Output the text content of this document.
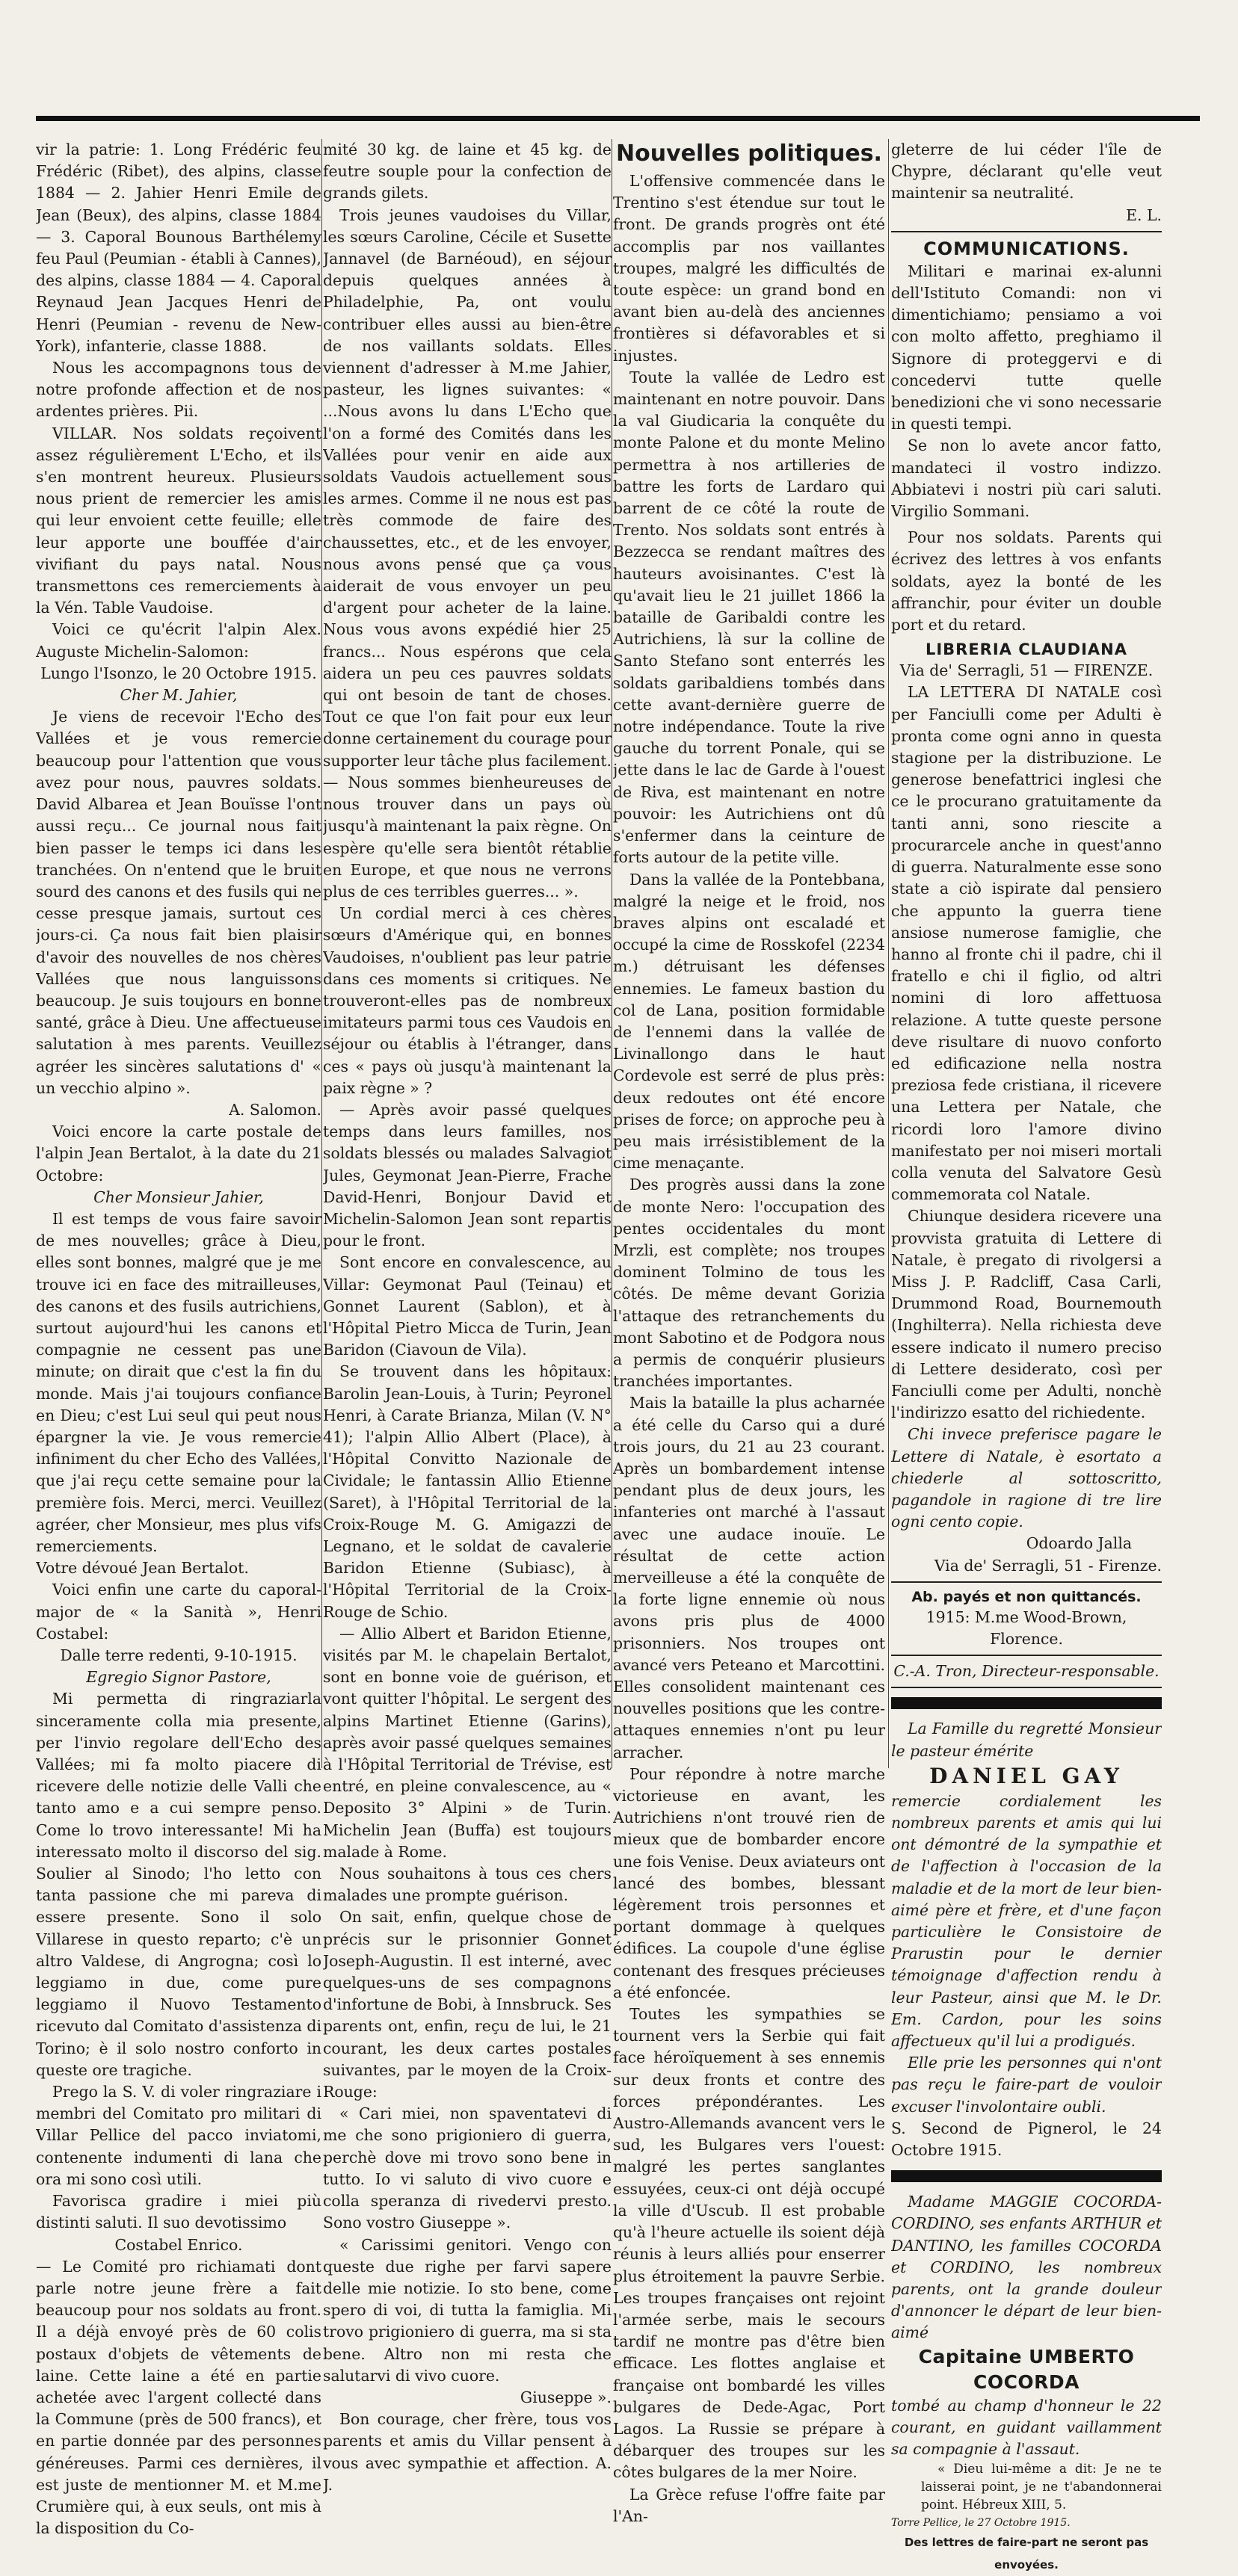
vir la patrie: 1. Long Frédéric feu Frédéric (Ribet), des alpins, classe 1884 — 2. Jahier Henri Emile de Jean (Beux), des alpins, classe 1884 — 3. Caporal Bounous Barthélemy feu Paul (Peumian - établi à Cannes), des alpins, classe 1884 — 4. Caporal Reynaud Jean Jacques Henri de Henri (Peumian - revenu de New-York), infanterie, classe 1888.

Nous les accompagnons tous de notre profonde affection et de nos ardentes prières. Pii.

VILLAR. Nos soldats reçoivent assez régulièrement L'Echo, et ils s'en montrent heureux. Plusieurs nous prient de remercier les amis qui leur envoient cette feuille; elle leur apporte une bouffée d'air vivifiant du pays natal. Nous transmettons ces remerciements à la Vén. Table Vaudoise.

Voici ce qu'écrit l'alpin Alex. Auguste Michelin-Salomon:

Lungo l'Isonzo, le 20 Octobre 1915.

Cher M. Jahier,

Je viens de recevoir l'Echo des Vallées et je vous remercie beaucoup pour l'attention que vous avez pour nous, pauvres soldats. David Albarea et Jean Bouïsse l'ont aussi reçu... Ce journal nous fait bien passer le temps ici dans les tranchées. On n'entend que le bruit sourd des canons et des fusils qui ne cesse presque jamais, surtout ces jours-ci. Ça nous fait bien plaisir d'avoir des nouvelles de nos chères Vallées que nous languissons beaucoup. Je suis toujours en bonne santé, grâce à Dieu. Une affectueuse salutation à mes parents. Veuillez agréer les sincères salutations d' « un vecchio alpino ».

A. Salomon.

Voici encore la carte postale de l'alpin Jean Bertalot, à la date du 21 Octobre:

Cher Monsieur Jahier,

Il est temps de vous faire savoir de mes nouvelles; grâce à Dieu, elles sont bonnes, malgré que je me trouve ici en face des mitrailleuses, des canons et des fusils autrichiens, surtout aujourd'hui les canons et compagnie ne cessent pas une minute; on dirait que c'est la fin du monde. Mais j'ai toujours confiance en Dieu; c'est Lui seul qui peut nous épargner la vie. Je vous remercie infiniment du cher Echo des Vallées, que j'ai reçu cette semaine pour la première fois. Merci, merci. Veuillez agréer, cher Monsieur, mes plus vifs remerciements.

Votre dévoué Jean Bertalot.

Voici enfin une carte du caporal-major de « la Sanità », Henri Costabel:

Dalle terre redenti, 9-10-1915.

Egregio Signor Pastore,

Mi permetta di ringraziarla sinceramente colla mia presente, per l'invio regolare dell'Echo des Vallées; mi fa molto piacere di ricevere delle notizie delle Valli che tanto amo e a cui sempre penso. Come lo trovo interessante! Mi ha interessato molto il discorso del sig. Soulier al Sinodo; l'ho letto con tanta passione che mi pareva di essere presente. Sono il solo Villarese in questo reparto; c'è un altro Valdese, di Angrogna; così lo leggiamo in due, come pure leggiamo il Nuovo Testamento ricevuto dal Comitato d'assistenza di Torino; è il solo nostro conforto in queste ore tragiche.

Prego la S. V. di voler ringraziare i membri del Comitato pro militari di Villar Pellice del pacco inviatomi, contenente indumenti di lana che ora mi sono così utili.

Favorisca gradire i miei più distinti saluti. Il suo devotissimo

Costabel Enrico.

— Le Comité pro richiamati dont parle notre jeune frère a fait beaucoup pour nos soldats au front. Il a déjà envoyé près de 60 colis postaux d'objets de vêtements de laine. Cette laine a été en partie achetée avec l'argent collecté dans la Commune (près de 500 francs), et en partie donnée par des personnes généreuses. Parmi ces dernières, il est juste de mentionner M. et M.me Crumière qui, à eux seuls, ont mis à la disposition du Co-

mité 30 kg. de laine et 45 kg. de feutre souple pour la confection de grands gilets.

Trois jeunes vaudoises du Villar, les sœurs Caroline, Cécile et Susette Jannavel (de Barnéoud), en séjour depuis quelques années à Philadelphie, Pa, ont voulu contribuer elles aussi au bien-être de nos vaillants soldats. Elles viennent d'adresser à M.me Jahier, pasteur, les lignes suivantes: « ...Nous avons lu dans L'Echo que l'on a formé des Comités dans les Vallées pour venir en aide aux soldats Vaudois actuellement sous les armes. Comme il ne nous est pas très commode de faire des chaussettes, etc., et de les envoyer, nous avons pensé que ça vous aiderait de vous envoyer un peu d'argent pour acheter de la laine. Nous vous avons expédié hier 25 francs... Nous espérons que cela aidera un peu ces pauvres soldats qui ont besoin de tant de choses. Tout ce que l'on fait pour eux leur donne certainement du courage pour supporter leur tâche plus facilement. — Nous sommes bienheureuses de nous trouver dans un pays où jusqu'à maintenant la paix règne. On espère qu'elle sera bientôt rétablie en Europe, et que nous ne verrons plus de ces terribles guerres... ».

Un cordial merci à ces chères sœurs d'Amérique qui, en bonnes Vaudoises, n'oublient pas leur patrie dans ces moments si critiques. Ne trouveront-elles pas de nombreux imitateurs parmi tous ces Vaudois en séjour ou établis à l'étranger, dans ces « pays où jusqu'à maintenant la paix règne » ?

— Après avoir passé quelques temps dans leurs familles, nos soldats blessés ou malades Salvagiot Jules, Geymonat Jean-Pierre, Frache David-Henri, Bonjour David et Michelin-Salomon Jean sont repartis pour le front.

Sont encore en convalescence, au Villar: Geymonat Paul (Teinau) et Gonnet Laurent (Sablon), et à l'Hôpital Pietro Micca de Turin, Jean Baridon (Ciavoun de Vila).

Se trouvent dans les hôpitaux: Barolin Jean-Louis, à Turin; Peyronel Henri, à Carate Brianza, Milan (V. N° 41); l'alpin Allio Albert (Place), à l'Hôpital Convitto Nazionale de Cividale; le fantassin Allio Etienne (Saret), à l'Hôpital Territorial de la Croix-Rouge M. G. Amigazzi de Legnano, et le soldat de cavalerie Baridon Etienne (Subiasc), à l'Hôpital Territorial de la Croix-Rouge de Schio.

— Allio Albert et Baridon Etienne, visités par M. le chapelain Bertalot, sont en bonne voie de guérison, et vont quitter l'hôpital. Le sergent des alpins Martinet Etienne (Garins), après avoir passé quelques semaines à l'Hôpital Territorial de Trévise, est entré, en pleine convalescence, au « Deposito 3° Alpini » de Turin. Michelin Jean (Buffa) est toujours malade à Rome.

Nous souhaitons à tous ces chers malades une prompte guérison.

On sait, enfin, quelque chose de précis sur le prisonnier Gonnet Joseph-Augustin. Il est interné, avec quelques-uns de ses compagnons d'infortune de Bobi, à Innsbruck. Ses parents ont, enfin, reçu de lui, le 21 courant, les deux cartes postales suivantes, par le moyen de la Croix-Rouge:

« Cari miei, non spaventatevi di me che sono prigioniero di guerra, perchè dove mi trovo sono bene in tutto. Io vi saluto di vivo cuore e colla speranza di rivedervi presto. Sono vostro Giuseppe ».

« Carissimi genitori. Vengo con queste due righe per farvi sapere delle mie notizie. Io sto bene, come spero di voi, di tutta la famiglia. Mi trovo prigioniero di guerra, ma si sta bene. Altro non mi resta che salutarvi di vivo cuore.

Giuseppe ».

Bon courage, cher frère, tous vos parents et amis du Villar pensent à vous avec sympathie et affection. A. J.

Nouvelles politiques.

L'offensive commencée dans le Trentino s'est étendue sur tout le front. De grands progrès ont été accomplis par nos vaillantes troupes, malgré les difficultés de toute espèce: un grand bond en avant bien au-delà des anciennes frontières si défavorables et si injustes.

Toute la vallée de Ledro est maintenant en notre pouvoir. Dans la val Giudicaria la conquête du monte Palone et du monte Melino permettra à nos artilleries de battre les forts de Lardaro qui barrent de ce côté la route de Trento. Nos soldats sont entrés à Bezzecca se rendant maîtres des hauteurs avoisinantes. C'est là qu'avait lieu le 21 juillet 1866 la bataille de Garibaldi contre les Autrichiens, là sur la colline de Santo Stefano sont enterrés les soldats garibaldiens tombés dans cette avant-dernière guerre de notre indépendance. Toute la rive gauche du torrent Ponale, qui se jette dans le lac de Garde à l'ouest de Riva, est maintenant en notre pouvoir: les Autrichiens ont dû s'enfermer dans la ceinture de forts autour de la petite ville.

Dans la vallée de la Pontebbana, malgré la neige et le froid, nos braves alpins ont escaladé et occupé la cime de Rosskofel (2234 m.) détruisant les défenses ennemies. Le fameux bastion du col de Lana, position formidable de l'ennemi dans la vallée de Livinallongo dans le haut Cordevole est serré de plus près: deux redoutes ont été encore prises de force; on approche peu à peu mais irrésistiblement de la cime menaçante.

Des progrès aussi dans la zone de monte Nero: l'occupation des pentes occidentales du mont Mrzli, est complète; nos troupes dominent Tolmino de tous les côtés. De même devant Gorizia l'attaque des retranchements du mont Sabotino et de Podgora nous a permis de conquérir plusieurs tranchées importantes.

Mais la bataille la plus acharnée a été celle du Carso qui a duré trois jours, du 21 au 23 courant. Après un bombardement intense pendant plus de deux jours, les infanteries ont marché à l'assaut avec une audace inouïe. Le résultat de cette action merveilleuse a été la conquête de la forte ligne ennemie où nous avons pris plus de 4000 prisonniers. Nos troupes ont avancé vers Peteano et Marcottini. Elles consolident maintenant ces nouvelles positions que les contre-attaques ennemies n'ont pu leur arracher.

Pour répondre à notre marche victorieuse en avant, les Autrichiens n'ont trouvé rien de mieux que de bombarder encore une fois Venise. Deux aviateurs ont lancé des bombes, blessant légèrement trois personnes et portant dommage à quelques édifices. La coupole d'une église contenant des fresques précieuses a été enfoncée.

Toutes les sympathies se tournent vers la Serbie qui fait face héroïquement à ses ennemis sur deux fronts et contre des forces prépondérantes. Les Austro-Allemands avancent vers le sud, les Bulgares vers l'ouest: malgré les pertes sanglantes essuyées, ceux-ci ont déjà occupé la ville d'Uscub. Il est probable qu'à l'heure actuelle ils soient déjà réunis à leurs alliés pour enserrer plus étroitement la pauvre Serbie. Les troupes françaises ont rejoint l'armée serbe, mais le secours tardif ne montre pas d'être bien efficace. Les flottes anglaise et française ont bombardé les villes bulgares de Dede-Agac, Port Lagos. La Russie se prépare à débarquer des troupes sur les côtes bulgares de la mer Noire.

La Grèce refuse l'offre faite par l'An-

gleterre de lui céder l'île de Chypre, déclarant qu'elle veut maintenir sa neutralité.

E. L.

COMMUNICATIONS.

Militari e marinai ex-alunni dell'Istituto Comandi: non vi dimentichiamo; pensiamo a voi con molto affetto, preghiamo il Signore di proteggervi e di concedervi tutte quelle benedizioni che vi sono necessarie in questi tempi.

Se non lo avete ancor fatto, mandateci il vostro indizzo. Abbiatevi i nostri più cari saluti. Virgilio Sommani.

Pour nos soldats. Parents qui écrivez des lettres à vos enfants soldats, ayez la bonté de les affranchir, pour éviter un double port et du retard.

LIBRERIA CLAUDIANA

Via de' Serragli, 51 — FIRENZE.

LA LETTERA DI NATALE così per Fanciulli come per Adulti è pronta come ogni anno in questa stagione per la distribuzione. Le generose benefattrici inglesi che ce le procurano gratuitamente da tanti anni, sono riescite a procurarcele anche in quest'anno di guerra. Naturalmente esse sono state a ciò ispirate dal pensiero che appunto la guerra tiene ansiose numerose famiglie, che hanno al fronte chi il padre, chi il fratello e chi il figlio, od altri nomini di loro affettuosa relazione. A tutte queste persone deve risultare di nuovo conforto ed edificazione nella nostra preziosa fede cristiana, il ricevere una Lettera per Natale, che ricordi loro l'amore divino manifestato per noi miseri mortali colla venuta del Salvatore Gesù commemorata col Natale.

Chiunque desidera ricevere una provvista gratuita di Lettere di Natale, è pregato di rivolgersi a Miss J. P. Radcliff, Casa Carli, Drummond Road, Bournemouth (Inghilterra). Nella richiesta deve essere indicato il numero preciso di Lettere desiderato, così per Fanciulli come per Adulti, nonchè l'indirizzo esatto del richiedente.

Chi invece preferisce pagare le Lettere di Natale, è esortato a chiederle al sottoscritto, pagandole in ragione di tre lire ogni cento copie.

Odoardo Jalla

Via de' Serragli, 51 - Firenze.

Ab. payés et non quittancés.

1915: M.me Wood-Brown, Florence.

C.-A. Tron, Directeur-responsable.

La Famille du regretté Monsieur le pasteur émérite

DANIEL GAY

remercie cordialement les nombreux parents et amis qui lui ont démontré de la sympathie et de l'affection à l'occasion de la maladie et de la mort de leur bien-aimé père et frère, et d'une façon particulière le Consistoire de Prarustin pour le dernier témoignage d'affection rendu à leur Pasteur, ainsi que M. le Dr. Em. Cardon, pour les soins affectueux qu'il lui a prodigués.

Elle prie les personnes qui n'ont pas reçu le faire-part de vouloir excuser l'involontaire oubli.

S. Second de Pignerol, le 24 Octobre 1915.

Madame MAGGIE COCORDA-CORDINO, ses enfants ARTHUR et DANTINO, les familles COCORDA et CORDINO, les nombreux parents, ont la grande douleur d'annoncer le départ de leur bien-aimé

Capitaine UMBERTO COCORDA

tombé au champ d'honneur le 22 courant, en guidant vaillamment sa compagnie à l'assaut.

« Dieu lui-même a dit: Je ne te laisserai point, je ne t'abandonnerai point. Hébreux XIII, 5.

Torre Pellice, le 27 Octobre 1915.

Des lettres de faire-part ne seront pas envoyées.
